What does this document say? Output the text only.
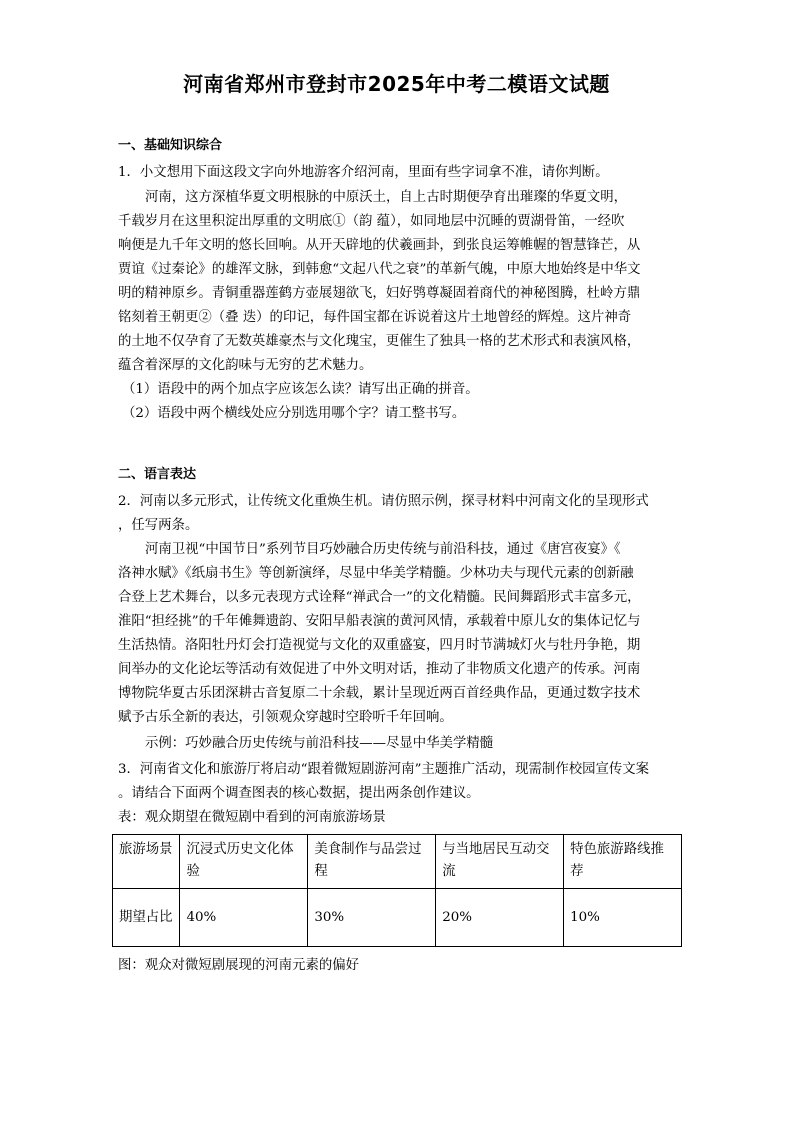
河南省郑州市登封市2025年中考二模语文试题
一、基础知识综合
1．小文想用下面这段文字向外地游客介绍河南，里面有些字词拿不准，请你判断。
河南，这方深植华夏文明根脉的中原沃土，自上古时期便孕育出璀璨的华夏文明，
千载岁月在这里积淀出厚重的文明底①（韵 蕴），如同地层中沉睡的贾湖骨笛，一经吹
响便是九千年文明的悠长回响。从开天辟地的伏羲画卦，到张良运筹帷幄的智慧锋芒，从
贾谊《过秦论》的雄浑文脉，到韩愈“文起八代之衰”的革新气魄，中原大地始终是中华文
明的精神原乡。青铜重器莲鹤方壶展翅欲飞，妇好鸮尊凝固着商代的神秘图腾，杜岭方鼎
铭刻着王朝更②（叠 迭）的印记，每件国宝都在诉说着这片土地曾经的辉煌。这片神奇
的土地不仅孕育了无数英雄豪杰与文化瑰宝，更催生了独具一格的艺术形式和表演风格，
蕴含着深厚的文化韵味与无穷的艺术魅力。
（1）语段中的两个加点字应该怎么读？请写出正确的拼音。
（2）语段中两个横线处应分别选用哪个字？请工整书写。
二、语言表达
2．河南以多元形式，让传统文化重焕生机。请仿照示例，探寻材料中河南文化的呈现形式
，任写两条。
河南卫视“中国节日”系列节目巧妙融合历史传统与前沿科技，通过《唐宫夜宴》《
洛神水赋》《纸扇书生》等创新演绎，尽显中华美学精髓。少林功夫与现代元素的创新融
合登上艺术舞台，以多元表现方式诠释“禅武合一”的文化精髓。民间舞蹈形式丰富多元，
淮阳“担经挑”的千年傩舞遗韵、安阳早船表演的黄河风情，承载着中原儿女的集体记忆与
生活热情。洛阳牡丹灯会打造视觉与文化的双重盛宴，四月时节满城灯火与牡丹争艳，期
间举办的文化论坛等活动有效促进了中外文明对话，推动了非物质文化遗产的传承。河南
博物院华夏古乐团深耕古音复原二十余载，累计呈现近两百首经典作品，更通过数字技术
赋予古乐全新的表达，引领观众穿越时空聆听千年回响。
示例：巧妙融合历史传统与前沿科技——尽显中华美学精髓
3．河南省文化和旅游厅将启动“跟着微短剧游河南”主题推广活动，现需制作校园宣传文案
。请结合下面两个调查图表的核心数据，提出两条创作建议。
表：观众期望在微短剧中看到的河南旅游场景
旅游场景	沉浸式历史文化体验	美食制作与品尝过程	与当地居民互动交流	特色旅游路线推荐
期望占比	40%	30%	20%	10%
图：观众对微短剧展现的河南元素的偏好
